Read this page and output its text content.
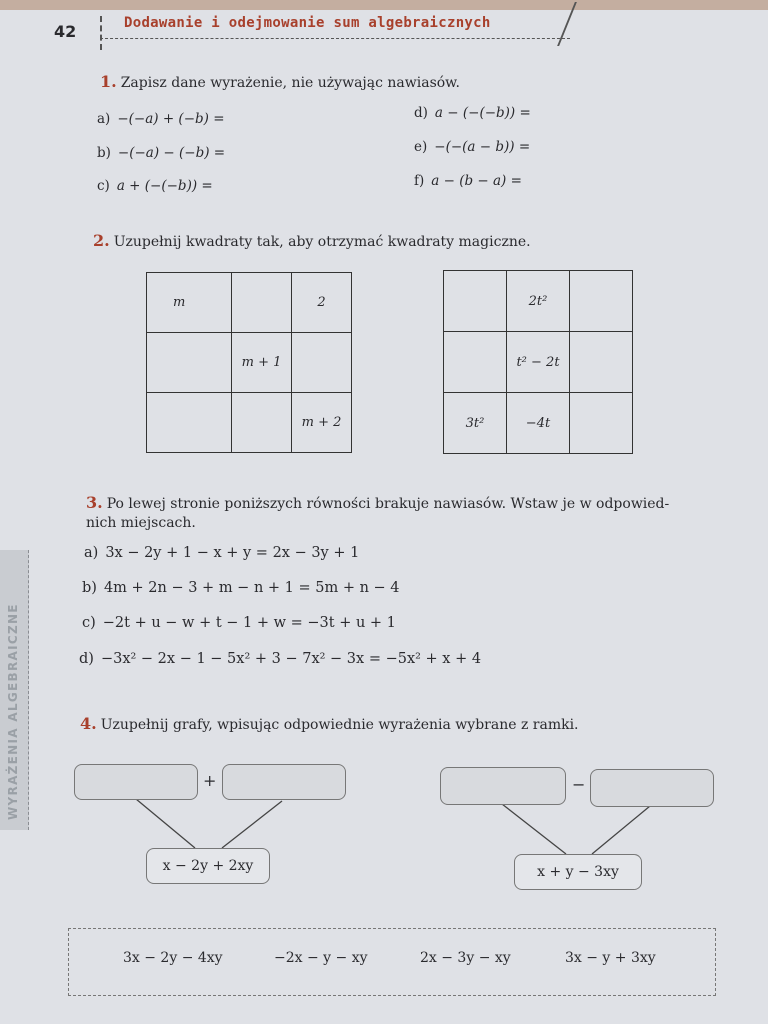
42	Dodawanie i odejmowanie sum algebraicznych
WYRAŻENIA ALGEBRAICZNE
1. Zapisz dane wyrażenie, nie używając nawiasów.
a) −(−a) + (−b) =
b) −(−a) − (−b) =
c) a + (−(−b)) =
d) a − (−(−b)) =
e) −(−(a − b)) =
f) a − (b − a) =
2. Uzupełnij kwadraty tak, aby otrzymać kwadraty magiczne.
m		2
	m + 1	
		m + 2
	2t²	
	t² − 2t	
3t²	−4t	
3. Po lewej stronie poniższych równości brakuje nawiasów. Wstaw je w odpowied-
nich miejscach.
a) 3x − 2y + 1 − x + y = 2x − 3y + 1
b) 4m + 2n − 3 + m − n + 1 = 5m + n − 4
c) −2t + u − w + t − 1 + w = −3t + u + 1
d) −3x² − 2x − 1 − 5x² + 3 − 7x² − 3x = −5x² + x + 4
4. Uzupełnij grafy, wpisując odpowiednie wyrażenia wybrane z ramki.
+
x − 2y + 2xy
−
x + y − 3xy
3x − 2y − 4xy	−2x − y − xy	2x − 3y − xy	3x − y + 3xy
